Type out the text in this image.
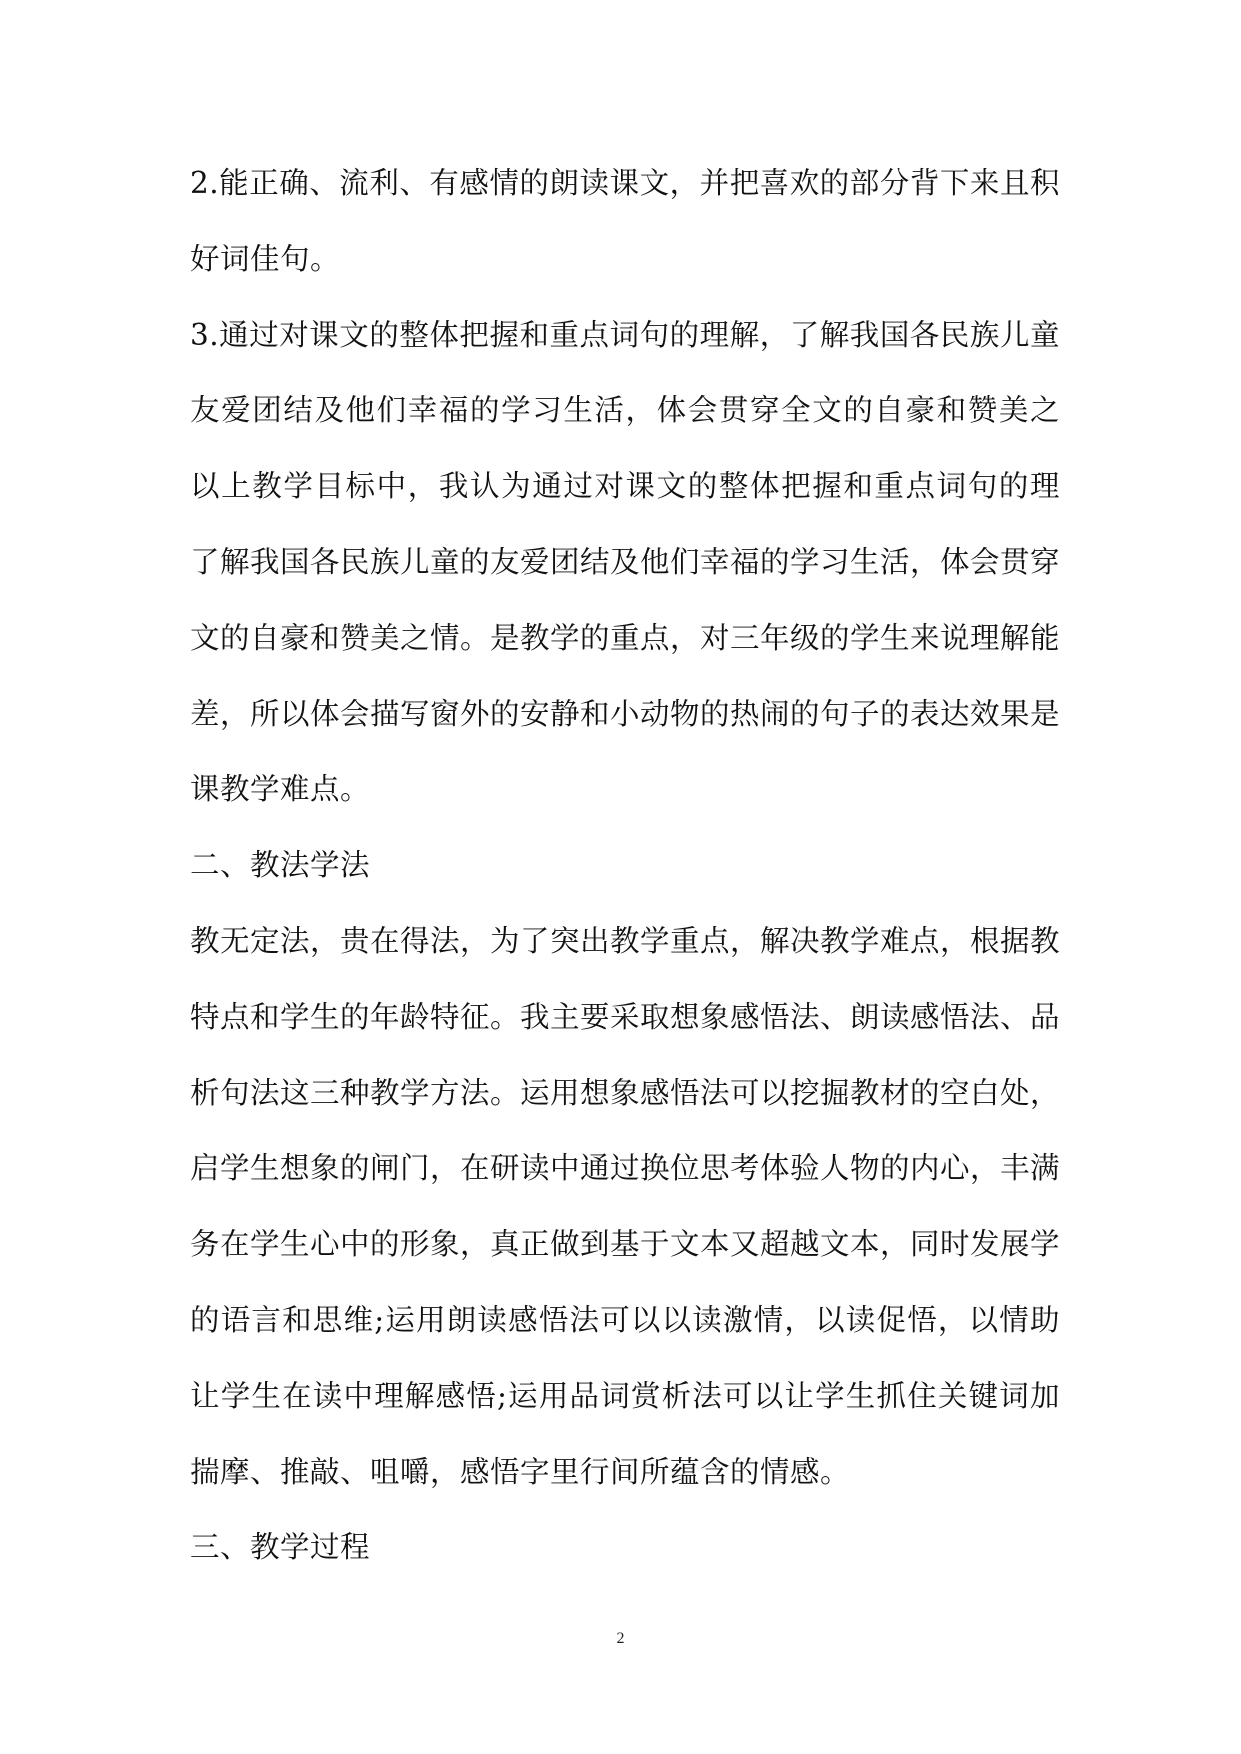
2.能正确、流利、有感情的朗读课文，并把喜欢的部分背下来且积
好词佳句。
3.通过对课文的整体把握和重点词句的理解，了解我国各民族儿童
友爱团结及他们幸福的学习生活，体会贯穿全文的自豪和赞美之
以上教学目标中，我认为通过对课文的整体把握和重点词句的理
了解我国各民族儿童的友爱团结及他们幸福的学习生活，体会贯穿
文的自豪和赞美之情。是教学的重点，对三年级的学生来说理解能
差，所以体会描写窗外的安静和小动物的热闹的句子的表达效果是
课教学难点。
二、教法学法
教无定法，贵在得法，为了突出教学重点，解决教学难点，根据教
特点和学生的年龄特征。我主要采取想象感悟法、朗读感悟法、品
析句法这三种教学方法。运用想象感悟法可以挖掘教材的空白处，
启学生想象的闸门，在研读中通过换位思考体验人物的内心，丰满
务在学生心中的形象，真正做到基于文本又超越文本，同时发展学
的语言和思维;运用朗读感悟法可以以读激情，以读促悟，以情助
让学生在读中理解感悟;运用品词赏析法可以让学生抓住关键词加
揣摩、推敲、咀嚼，感悟字里行间所蕴含的情感。
三、教学过程
2
